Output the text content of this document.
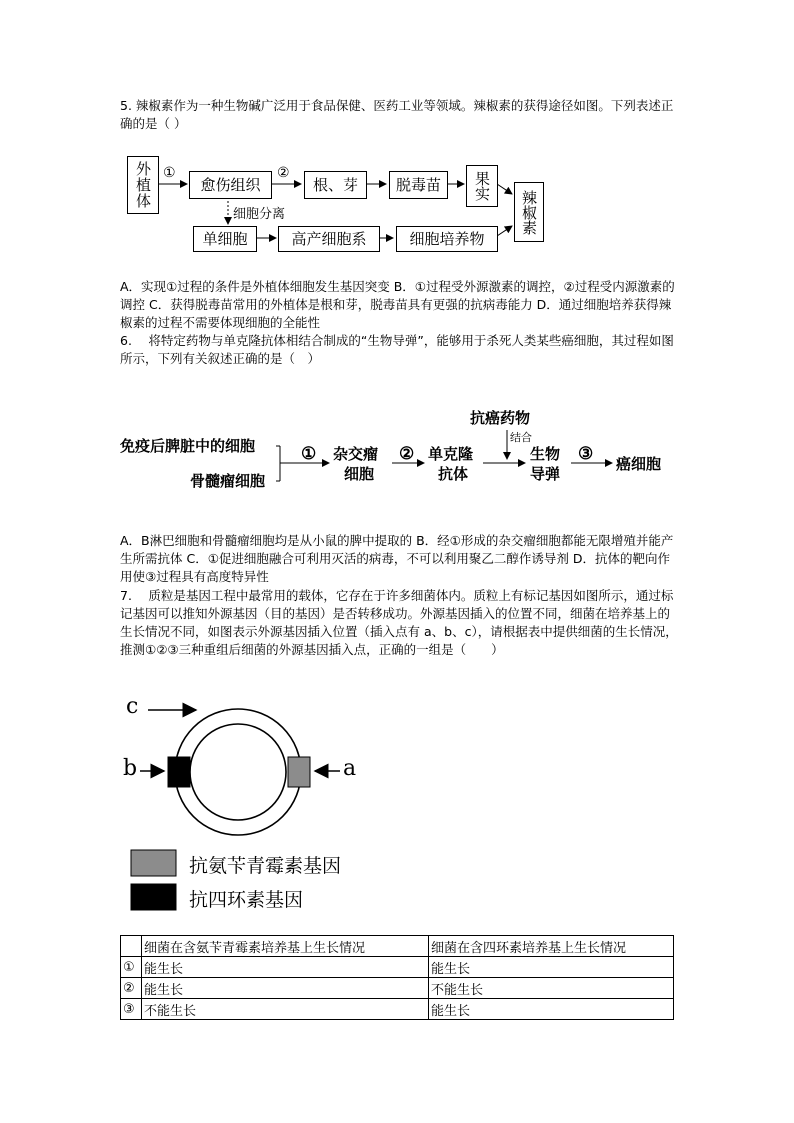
5. 辣椒素作为一种生物碱广泛用于食品保健、医药工业等领域。辣椒素的获得途径如图。下列表述正确的是（ ）

外植体 ①
愈伤组织
②
根、芽	脱毒苗	果实
辣椒素
细胞分离
单细胞	高产细胞系	细胞培养物

A．实现①过程的条件是外植体细胞发生基因突变 B．①过程受外源激素的调控，②过程受内源激素的调控 C．获得脱毒苗常用的外植体是根和芽，脱毒苗具有更强的抗病毒能力 D．通过细胞培养获得辣椒素的过程不需要体现细胞的全能性

6.　 将特定药物与单克隆抗体相结合制成的“生物导弹”，能够用于杀死人类某些癌细胞，其过程如图所示，下列有关叙述正确的是（　）

抗癌药物
结合
免疫后脾脏中的细胞
骨髓瘤细胞
① 杂交瘤
细胞
② 单克隆
抗体
生物
导弹
③ 癌细胞

A．B淋巴细胞和骨髓瘤细胞均是从小鼠的脾中提取的 B．经①形成的杂交瘤细胞都能无限增殖并能产生所需抗体 C．①促进细胞融合可利用灭活的病毒，不可以利用聚乙二醇作诱导剂 D．抗体的靶向作用使③过程具有高度特异性

7.　 质粒是基因工程中最常用的载体，它存在于许多细菌体内。质粒上有标记基因如图所示，通过标记基因可以推知外源基因（目的基因）是否转移成功。外源基因插入的位置不同，细菌在培养基上的生长情况不同，如图表示外源基因插入位置（插入点有 a、b、c），请根据表中提供细菌的生长情况，推测①②③三种重组后细菌的外源基因插入点，正确的一组是（　　）

c
b	a
抗氨苄青霉素基因
抗四环素基因
	细菌在含氨苄青霉素培养基上生长情况	细菌在含四环素培养基上生长情况
①	能生长	能生长
②	能生长	不能生长
③	不能生长	能生长
